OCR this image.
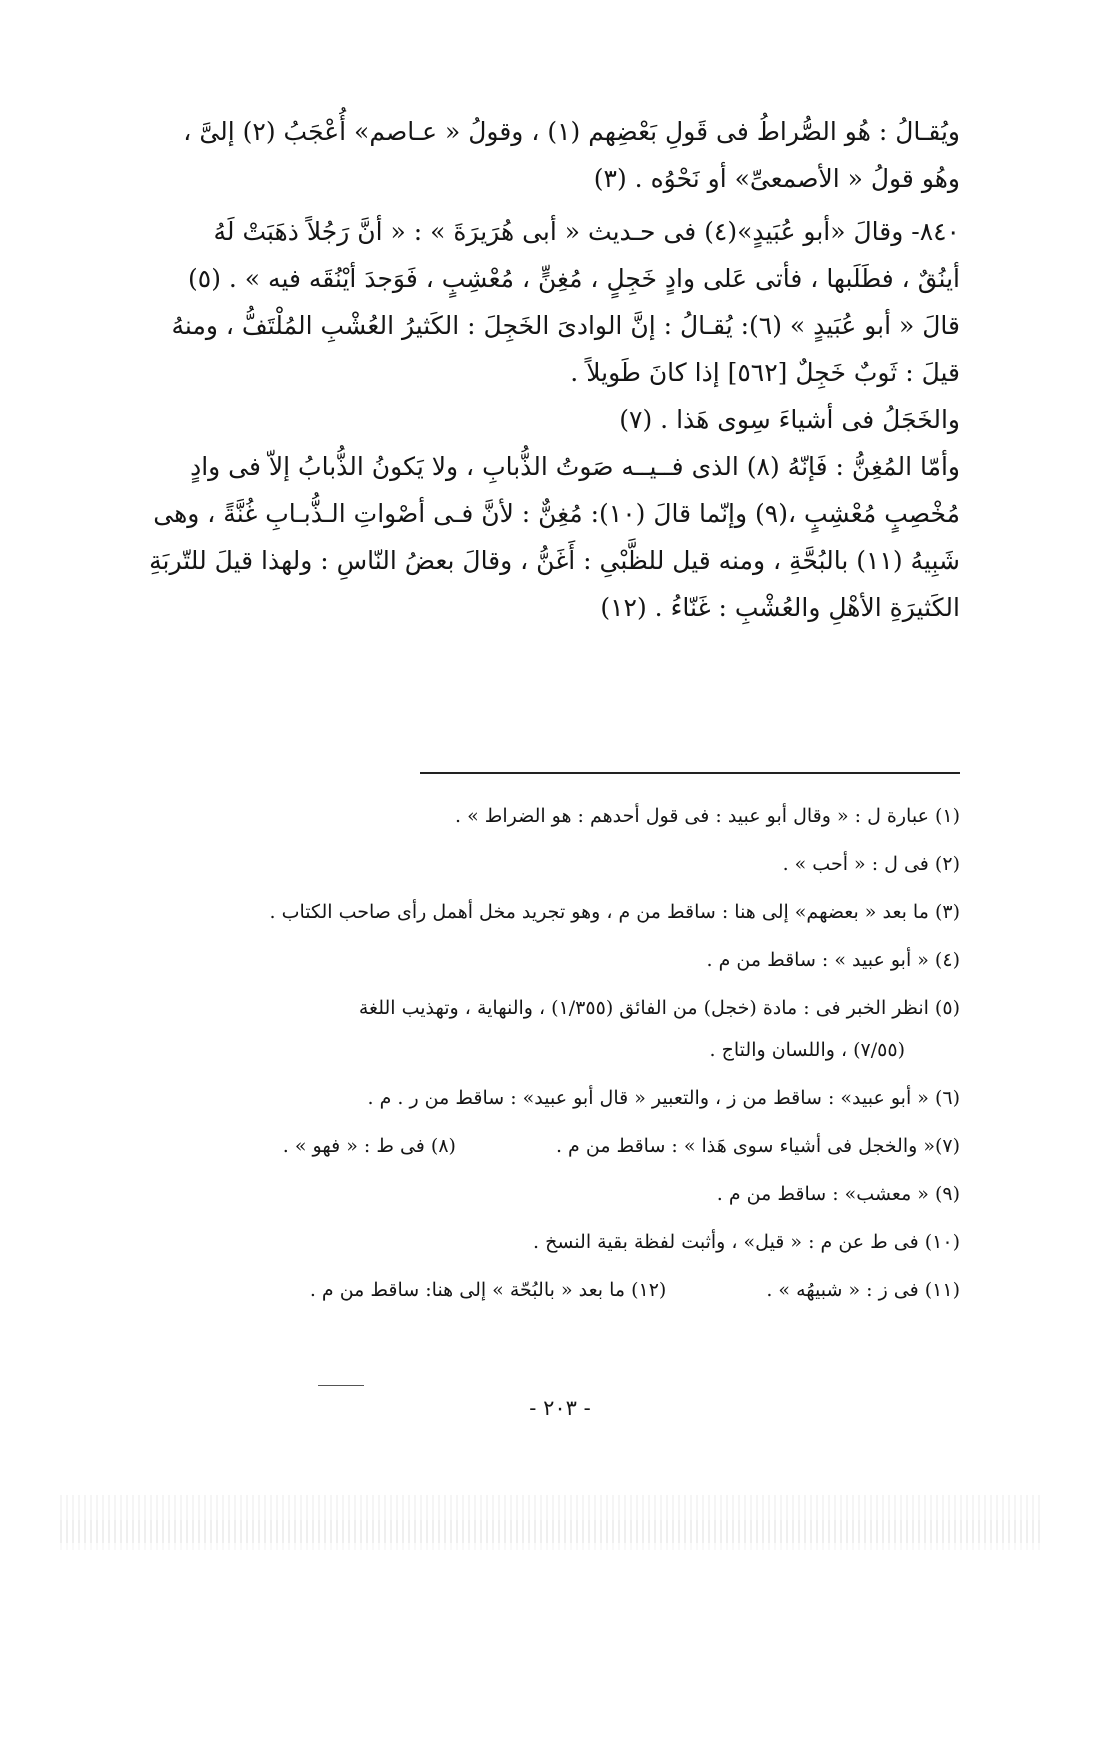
ويُقـالُ : هُو الصُّراطُ فى قَولِ بَعْضِهم (١) ، وقولُ « عـاصم» أُعْجَبُ (٢) إلىَّ ،

وهُو قولُ « الأصمعىِّ» أو نَحْوُه . (٣)

٨٤٠- وقالَ «أبو عُبَيدٍ»(٤) فى حـديث « أبى هُرَيرَةَ » : « أنَّ رَجُلاً ذهَبَتْ لَهُ

أينُقٌ ، فطَلَبها ، فأتى عَلى وادٍ خَجِلٍ ، مُغِنٍّ ، مُعْشِبٍ ، فَوَجدَ أيْنُقَه فيه » . (٥)

قالَ « أبو عُبَيدٍ » (٦): يُقـالُ : إنَّ الوادىَ الخَجِلَ : الكَثيرُ العُشْبِ المُلْتَفُّ ، ومنهُ

قيلَ : ثَوبٌ خَجِلٌ [٥٦٢] إذا كانَ طَويلاً .

والخَجَلُ فى أشياءَ سِوى هَذا . (٧)

وأمّا المُغِنُّ : فَإنّهُ (٨) الذى فــيــه صَوتُ الذُّبابِ ، ولا يَكونُ الذُّبابُ إلاّ فى وادٍ

مُخْصِبٍ مُعْشِبٍ ،(٩) وإنّما قالَ (١٠): مُغِنٌّ : لأنَّ فـى أصْواتِ الـذُّبـابِ غُنَّةً ، وهى

شَبِيهُ (١١) بالبُحَّةِ ، ومنه قيل للظَّبْىِ : أَغَنُّ ، وقالَ بعضُ النّاسِ : ولهذا قيلَ للتّربَةِ

الكَثيرَةِ الأهْلِ والعُشْبِ : غَنّاءُ . (١٢)

(١) عبارة ل : « وقال أبو عبيد : فى قول أحدهم : هو الضراط » .

(٢) فى ل : « أحب » .

(٣) ما بعد « بعضهم» إلى هنا : ساقط من م ، وهو تجريد مخل أهمل رأى صاحب الكتاب .

(٤) « أبو عبيد » : ساقط من م .

(٥) انظر الخبر فى : مادة (خجل) من الفائق (١/٣٥٥) ، والنهاية ، وتهذيب اللغة

(٧/٥٥) ، واللسان والتاج .

(٦) « أبو عبيد» : ساقط من ز ، والتعبير « قال أبو عبيد» : ساقط من ر . م .

(٧)« والخجل فى أشياء سوى هَذا » : ساقط من م .
(٨) فى ط : « فهو » .

(٩) « معشب» : ساقط من م .

(١٠) فى ط عن م : « قيل» ، وأثبت لفظة بقية النسخ .

(١١) فى ز : « شبيهُه » .
(١٢) ما بعد « بالبُحّة » إلى هنا: ساقط من م .
- ٢٠٣ -
